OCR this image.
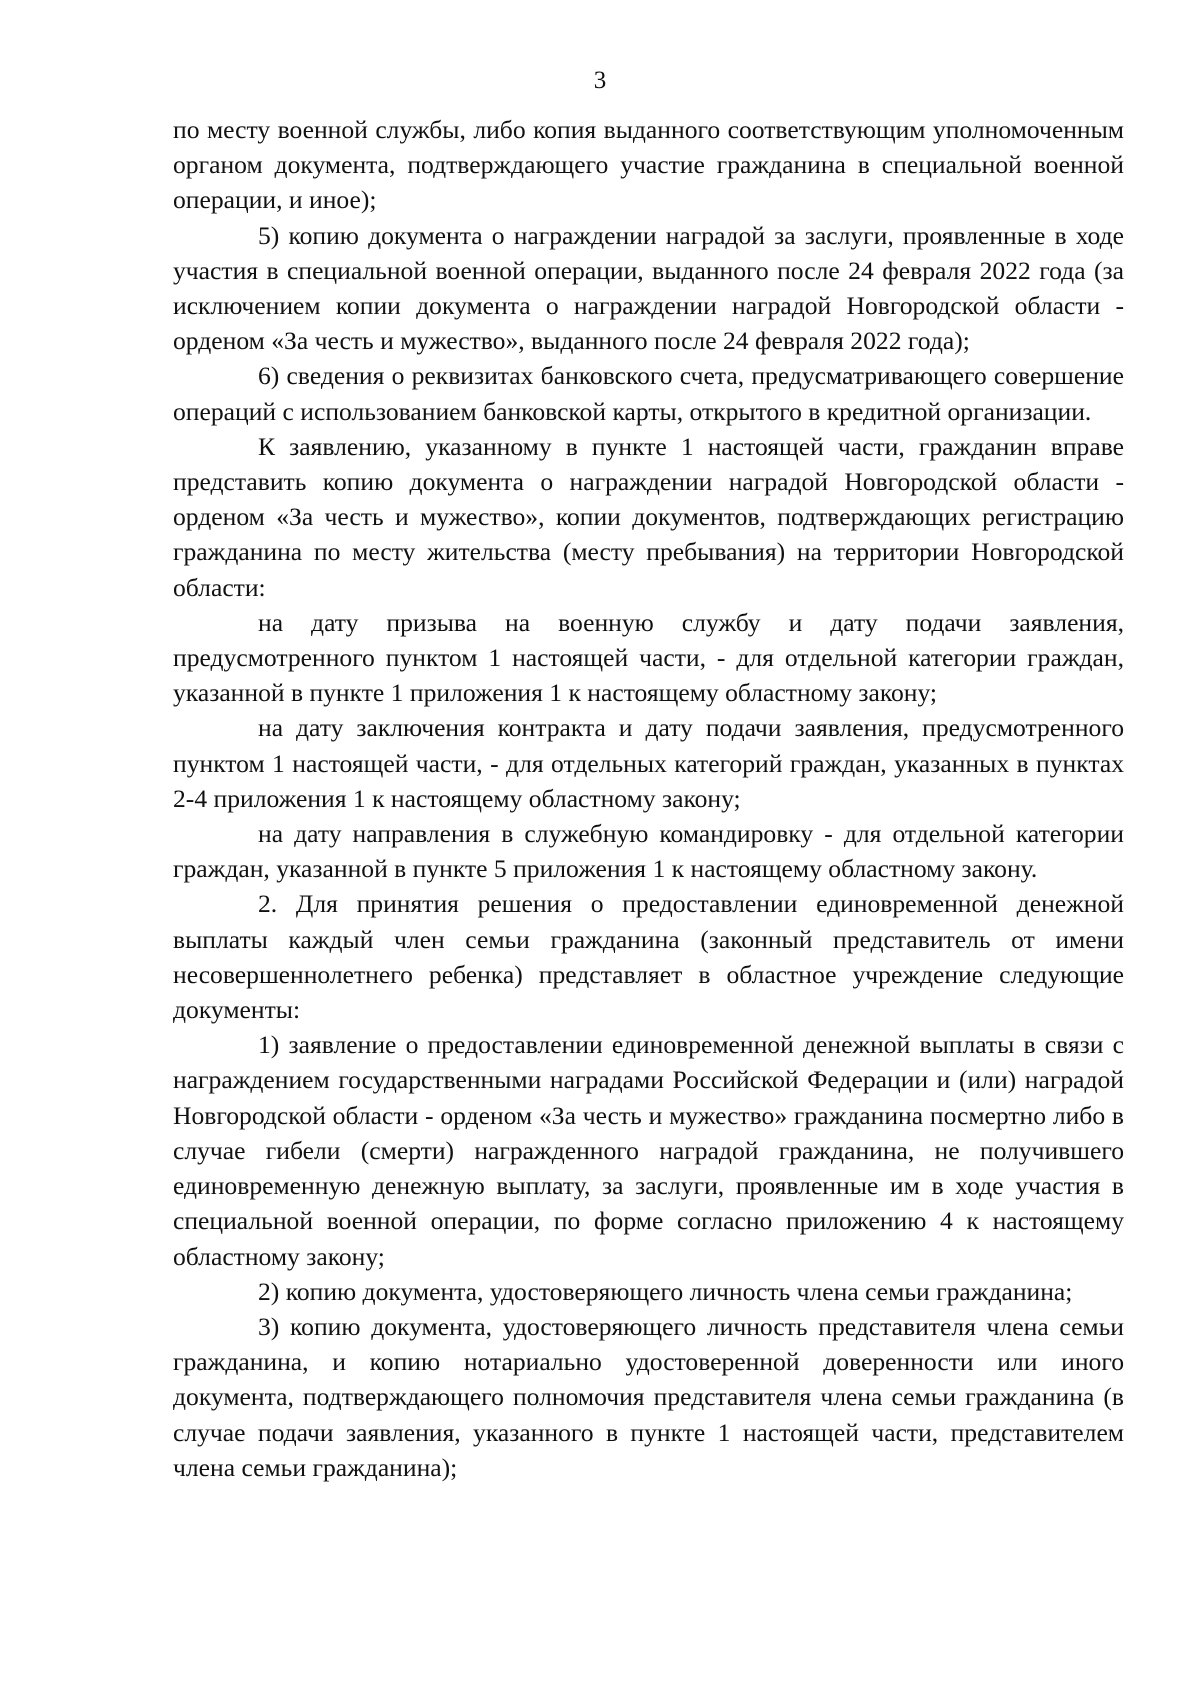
3

по месту военной службы, либо копия выданного соответствующим уполномоченным органом документа, подтверждающего участие гражданина в специальной военной операции, и иное);

5) копию документа о награждении наградой за заслуги, проявленные в ходе участия в специальной военной операции, выданного после 24 февраля 2022 года (за исключением копии документа о награждении наградой Новгородской области - орденом «За честь и мужество», выданного после 24 февраля 2022 года);

6) сведения о реквизитах банковского счета, предусматривающего совершение операций с использованием банковской карты, открытого в кредитной организации.

К заявлению, указанному в пункте 1 настоящей части, гражданин вправе представить копию документа о награждении наградой Новгородской области - орденом «За честь и мужество», копии документов, подтверждающих регистрацию гражданина по месту жительства (месту пребывания) на территории Новгородской области:

на дату призыва на военную службу и дату подачи заявления, предусмотренного пунктом 1 настоящей части, - для отдельной категории граждан, указанной в пункте 1 приложения 1 к настоящему областному закону;

на дату заключения контракта и дату подачи заявления, предусмотренного пунктом 1 настоящей части, - для отдельных категорий граждан, указанных в пунктах 2-4 приложения 1 к настоящему областному закону;

на дату направления в служебную командировку - для отдельной категории граждан, указанной в пункте 5 приложения 1 к настоящему областному закону.

2. Для принятия решения о предоставлении единовременной денежной выплаты каждый член семьи гражданина (законный представитель от имени несовершеннолетнего ребенка) представляет в областное учреждение следующие документы:

1) заявление о предоставлении единовременной денежной выплаты в связи с награждением государственными наградами Российской Федерации и (или) наградой Новгородской области - орденом «За честь и мужество» гражданина посмертно либо в случае гибели (смерти) награжденного наградой гражданина, не получившего единовременную денежную выплату, за заслуги, проявленные им в ходе участия в специальной военной операции, по форме согласно приложению 4 к настоящему областному закону;

2) копию документа, удостоверяющего личность члена семьи гражданина;

3) копию документа, удостоверяющего личность представителя члена семьи гражданина, и копию нотариально удостоверенной доверенности или иного документа, подтверждающего полномочия представителя члена семьи гражданина (в случае подачи заявления, указанного в пункте 1 настоящей части, представителем члена семьи гражданина);
